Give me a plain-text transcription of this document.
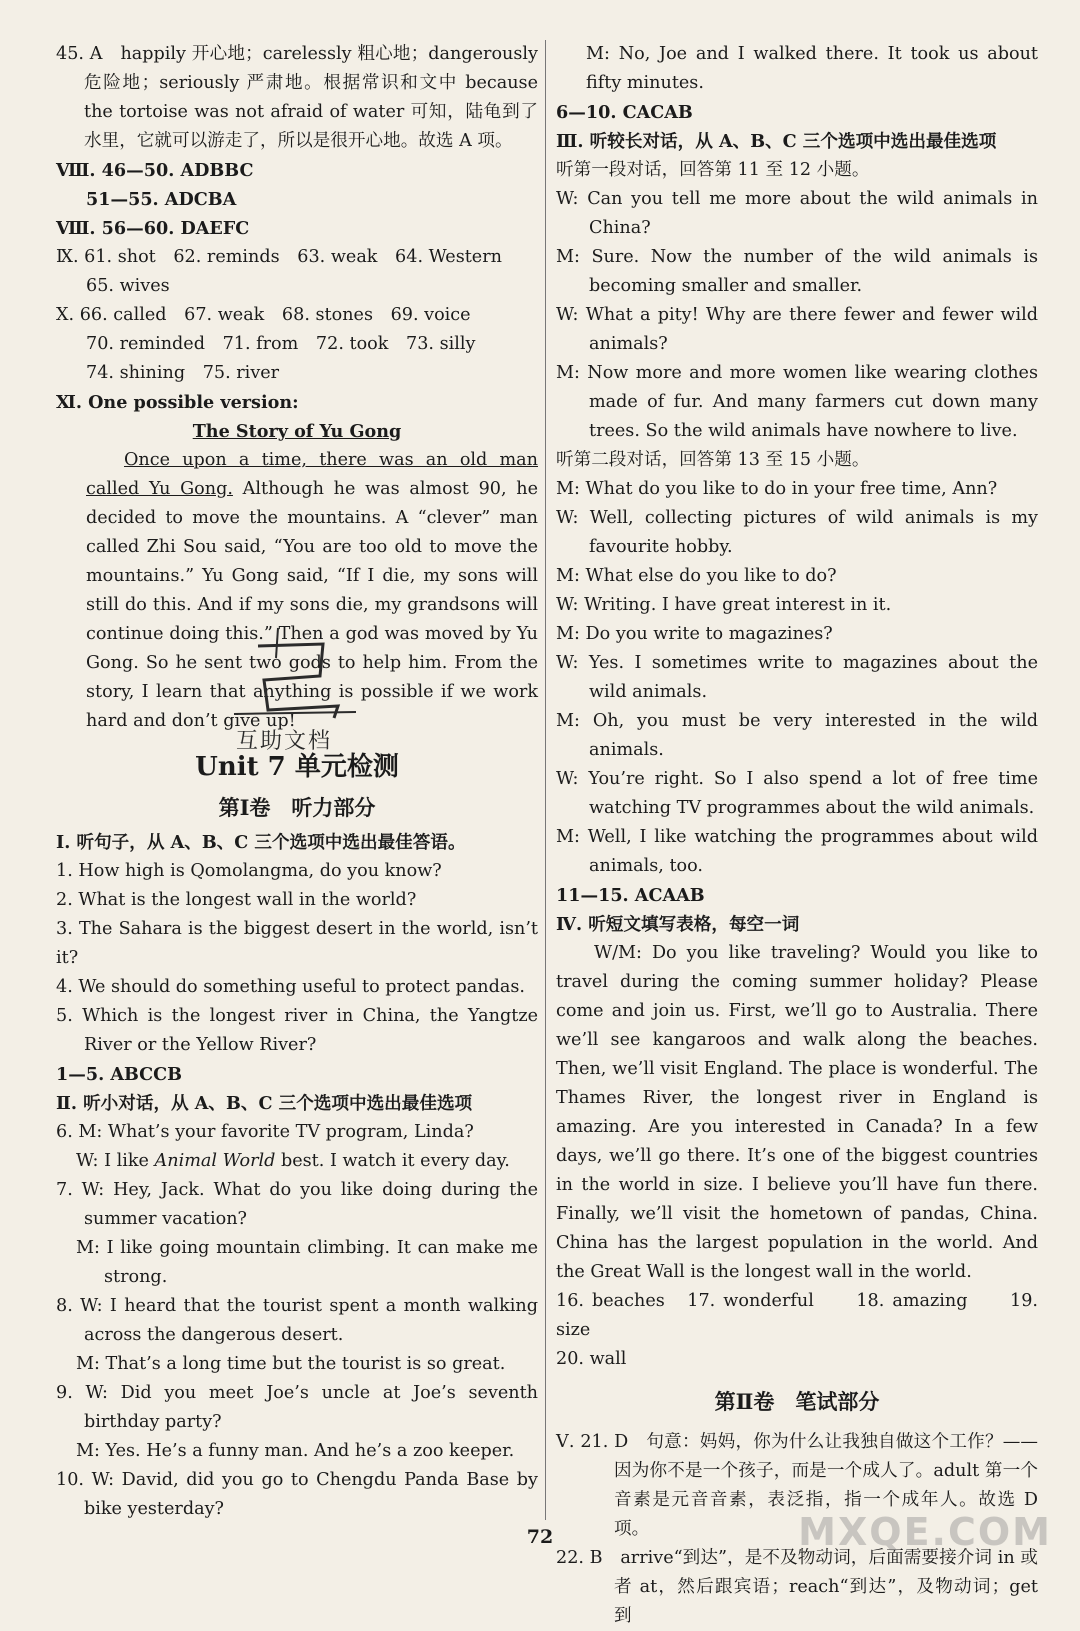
45. A　happily 开心地；carelessly 粗心地；dangerously 危险地；seriously 严肃地。根据常识和文中 because the tortoise was not afraid of water 可知，陆龟到了水里，它就可以游走了，所以是很开心地。故选 A 项。

Ⅷ. 46—50. ADBBC

51—55. ADCBA

Ⅷ. 56—60. DAEFC

Ⅸ. 61. shot　62. reminds　63. weak　64. Western

65. wives

Ⅹ. 66. called　67. weak　68. stones　69. voice

70. reminded　71. from　72. took　73. silly

74. shining　75. river

Ⅺ. One possible version:

The Story of Yu Gong

Once upon a time, there was an old man called Yu Gong. Although he was almost 90, he decided to move the mountains. A “clever” man called Zhi Sou said, “You are too old to move the mountains.” Yu Gong said, “If I die, my sons will still do this. And if my sons die, my grandsons will continue doing this.” Then a god was moved by Yu Gong. So he sent two gods to help him. From the story, I learn that anything is possible if we work hard and don’t give up!

Unit 7 单元检测
第Ⅰ卷　听力部分

Ⅰ. 听句子，从 A、B、C 三个选项中选出最佳答语。

1. How high is Qomolangma, do you know?

2. What is the longest wall in the world?

3. The Sahara is the biggest desert in the world, isn’t it?

4. We should do something useful to protect pandas.

5. Which is the longest river in China, the Yangtze River or the Yellow River?

1—5. ABCCB

Ⅱ. 听小对话，从 A、B、C 三个选项中选出最佳选项

6. M: What’s your favorite TV program, Linda?

W: I like Animal World best. I watch it every day.

7. W: Hey, Jack. What do you like doing during the summer vacation?

M: I like going mountain climbing. It can make me strong.

8. W: I heard that the tourist spent a month walking across the dangerous desert.

M: That’s a long time but the tourist is so great.

9. W: Did you meet Joe’s uncle at Joe’s seventh birthday party?

M: Yes. He’s a funny man. And he’s a zoo keeper.

10. W: David, did you go to Chengdu Panda Base by bike yesterday?

互助文档

M: No, Joe and I walked there. It took us about fifty minutes.

6—10. CACAB

Ⅲ. 听较长对话，从 A、B、C 三个选项中选出最佳选项

听第一段对话，回答第 11 至 12 小题。

W: Can you tell me more about the wild animals in China?

M: Sure. Now the number of the wild animals is becoming smaller and smaller.

W: What a pity! Why are there fewer and fewer wild animals?

M: Now more and more women like wearing clothes made of fur. And many farmers cut down many trees. So the wild animals have nowhere to live.

听第二段对话，回答第 13 至 15 小题。

M: What do you like to do in your free time, Ann?

W: Well, collecting pictures of wild animals is my favourite hobby.

M: What else do you like to do?

W: Writing. I have great interest in it.

M: Do you write to magazines?

W: Yes. I sometimes write to magazines about the wild animals.

M: Oh, you must be very interested in the wild animals.

W: You’re right. So I also spend a lot of free time watching TV programmes about the wild animals.

M: Well, I like watching the programmes about wild animals, too.

11—15. ACAAB

Ⅳ. 听短文填写表格，每空一词

W/M: Do you like traveling? Would you like to travel during the coming summer holiday? Please come and join us. First, we’ll go to Australia. There we’ll see kangaroos and walk along the beaches. Then, we’ll visit England. The place is wonderful. The Thames River, the longest river in England is amazing. Are you interested in Canada? In a few days, we’ll go there. It’s one of the biggest countries in the world in size. I believe you’ll have fun there. Finally, we’ll visit the hometown of pandas, China. China has the largest population in the world. And the Great Wall is the longest wall in the world.

16. beaches　17. wonderful　　18. amazing　　19. size

20. wall

第Ⅱ卷　笔试部分

Ⅴ. 21. D　句意：妈妈，你为什么让我独自做这个工作？——因为你不是一个孩子，而是一个成人了。adult 第一个音素是元音音素，表泛指，指一个成年人。故选 D 项。

22. B　arrive“到达”，是不及物动词，后面需要接介词 in 或者 at，然后跟宾语；reach“到达”，及物动词；get 到

72	MXQE.COM
